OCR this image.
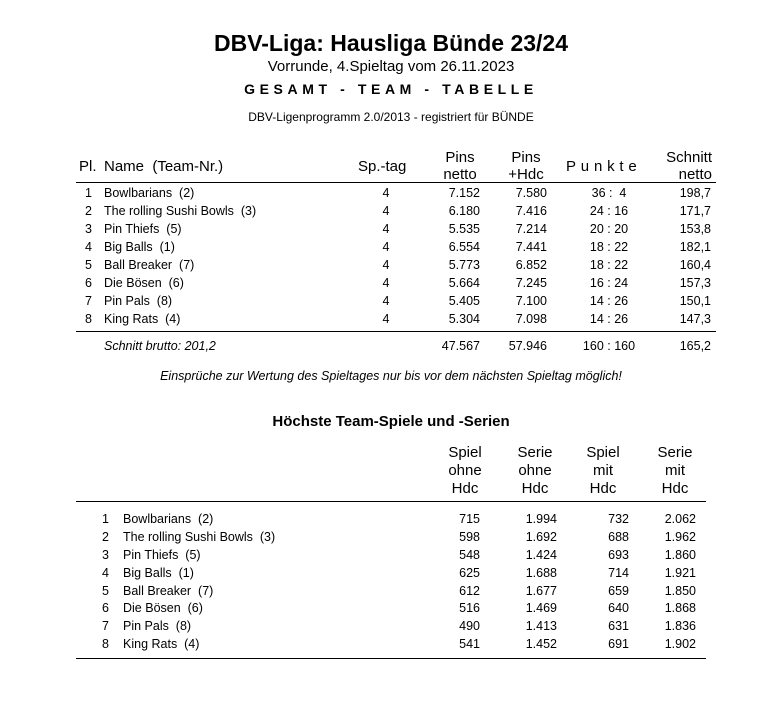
DBV-Liga: Hausliga Bünde 23/24
Vorrunde, 4.Spieltag vom 26.11.2023
GESAMT - TEAM - TABELLE
DBV-Ligenprogramm 2.0/2013 - registriert für BÜNDE
Pl. Name  (Team-Nr.)	Sp.-tag
Pins
netto
Pins
+Hdc	Punkte
Schnitt
netto
1 Bowlbarians  (2)	4	7.152	7.580	36 :  4	198,7
2 The rolling Sushi Bowls  (3)	4	6.180	7.416	24 : 16	171,7
3 Pin Thiefs  (5)	4	5.535	7.214	20 : 20	153,8
4 Big Balls  (1)	4	6.554	7.441	18 : 22	182,1
5 Ball Breaker  (7)	4	5.773	6.852	18 : 22	160,4
6 Die Bösen  (6)	4	5.664	7.245	16 : 24	157,3
7 Pin Pals  (8)	4	5.405	7.100	14 : 26	150,1
8 King Rats  (4)	4	5.304	7.098	14 : 26	147,3
Schnitt brutto: 201,2	47.567	57.946	160 : 160	165,2
Einsprüche zur Wertung des Spieltages nur bis vor dem nächsten Spieltag möglich!
Höchste Team-Spiele und -Serien
Spiel
ohne
Hdc
Serie
ohne
Hdc
Spiel
mit
Hdc
Serie
mit
Hdc
1 Bowlbarians  (2)	715	1.994	732	2.062
2 The rolling Sushi Bowls  (3)	598	1.692	688	1.962
3 Pin Thiefs  (5)	548	1.424	693	1.860
4 Big Balls  (1)	625	1.688	714	1.921
5 Ball Breaker  (7)	612	1.677	659	1.850
6 Die Bösen  (6)	516	1.469	640	1.868
7 Pin Pals  (8)	490	1.413	631	1.836
8 King Rats  (4)	541	1.452	691	1.902
